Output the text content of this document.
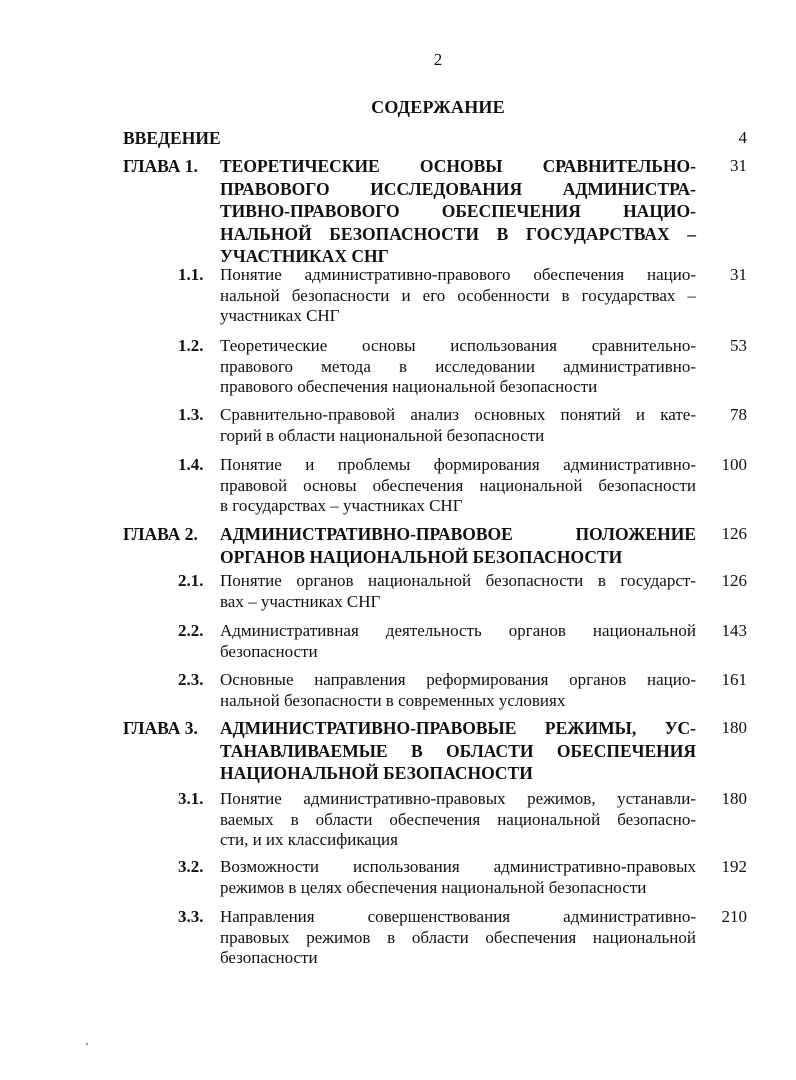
2
СОДЕРЖАНИЕ
ВВЕДЕНИЕ	4
ГЛАВА 1. ТЕОРЕТИЧЕСКИЕ ОСНОВЫ СРАВНИТЕЛЬНО-
ПРАВОВОГО ИССЛЕДОВАНИЯ АДМИНИСТРА-
ТИВНО-ПРАВОВОГО ОБЕСПЕЧЕНИЯ НАЦИО-
НАЛЬНОЙ БЕЗОПАСНОСТИ В ГОСУДАРСТВАХ –
УЧАСТНИКАХ СНГ
31
1.1. Понятие административно-правового обеспечения нацио-
нальной безопасности и его особенности в государствах –
участниках СНГ
31
1.2. Теоретические основы использования сравнительно-
правового метода в исследовании административно-
правового обеспечения национальной безопасности
53
1.3. Сравнительно-правовой анализ основных понятий и кате-
горий в области национальной безопасности
78
1.4. Понятие и проблемы формирования административно-
правовой основы обеспечения национальной безопасности
в государствах – участниках СНГ
100
ГЛАВА 2. АДМИНИСТРАТИВНО-ПРАВОВОЕ ПОЛОЖЕНИЕ
ОРГАНОВ НАЦИОНАЛЬНОЙ БЕЗОПАСНОСТИ
126
2.1. Понятие органов национальной безопасности в государст-
вах – участниках СНГ
126
2.2. Административная деятельность органов национальной
безопасности
143
2.3. Основные направления реформирования органов нацио-
нальной безопасности в современных условиях
161
ГЛАВА 3. АДМИНИСТРАТИВНО-ПРАВОВЫЕ РЕЖИМЫ, УС-
ТАНАВЛИВАЕМЫЕ В ОБЛАСТИ ОБЕСПЕЧЕНИЯ
НАЦИОНАЛЬНОЙ БЕЗОПАСНОСТИ
180
3.1. Понятие административно-правовых режимов, устанавли-
ваемых в области обеспечения национальной безопасно-
сти, и их классификация
180
3.2. Возможности использования административно-правовых
режимов в целях обеспечения национальной безопасности
192
3.3. Направления совершенствования административно-
правовых режимов в области обеспечения национальной
безопасности
210
